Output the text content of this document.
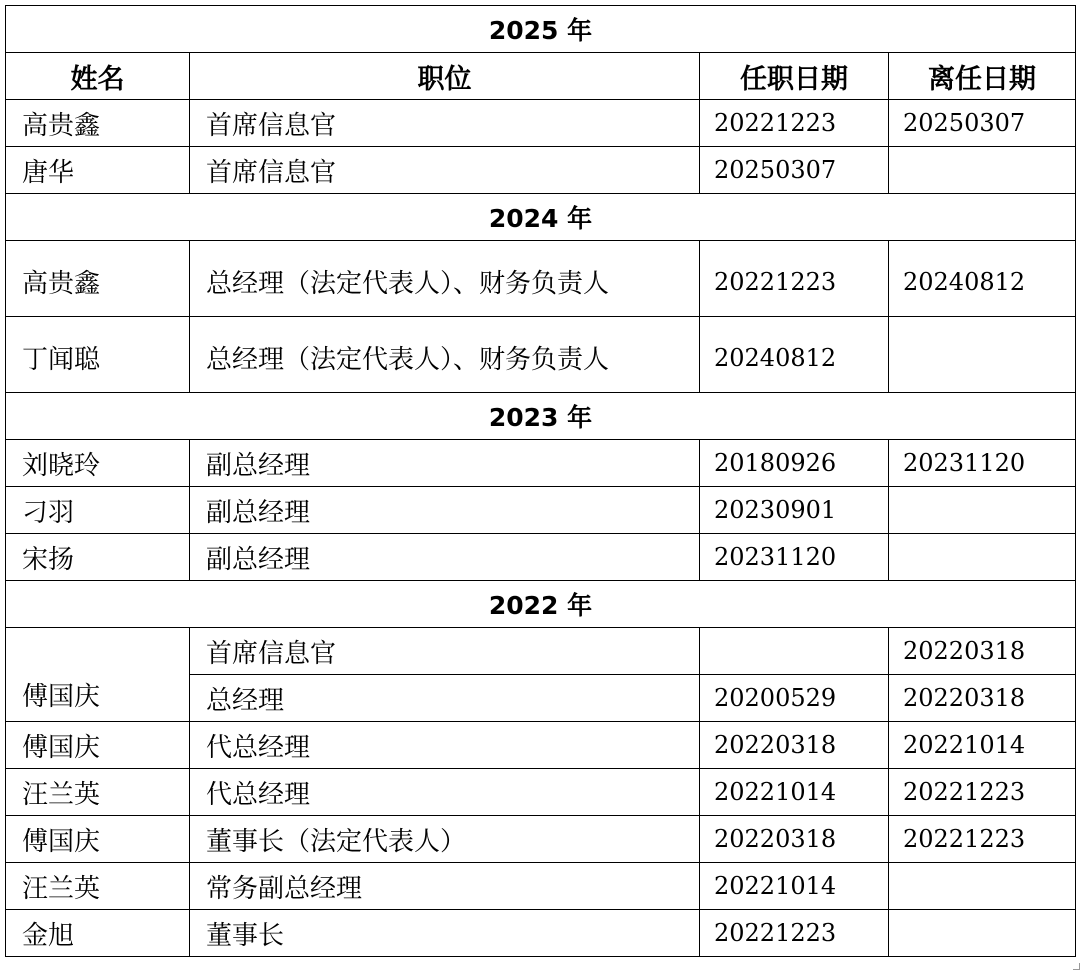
2025 年			
姓名	职位	任职日期	离任日期
高贵鑫	首席信息官	20221223	20250307
唐华	首席信息官	20250307	
2024 年			
高贵鑫	总经理（法定代表人）、财务负责人	20221223	20240812
丁闻聪	总经理（法定代表人）、财务负责人	20240812	
2023 年			
刘晓玲	副总经理	20180926	20231120
刁羽	副总经理	20230901	
宋扬	副总经理	20231120	
2022 年			
傅国庆	首席信息官		20220318
	总经理	20200529	20220318
傅国庆	代总经理	20220318	20221014
汪兰英	代总经理	20221014	20221223
傅国庆	董事长（法定代表人）	20220318	20221223
汪兰英	常务副总经理	20221014	
金旭	董事长	20221223	
